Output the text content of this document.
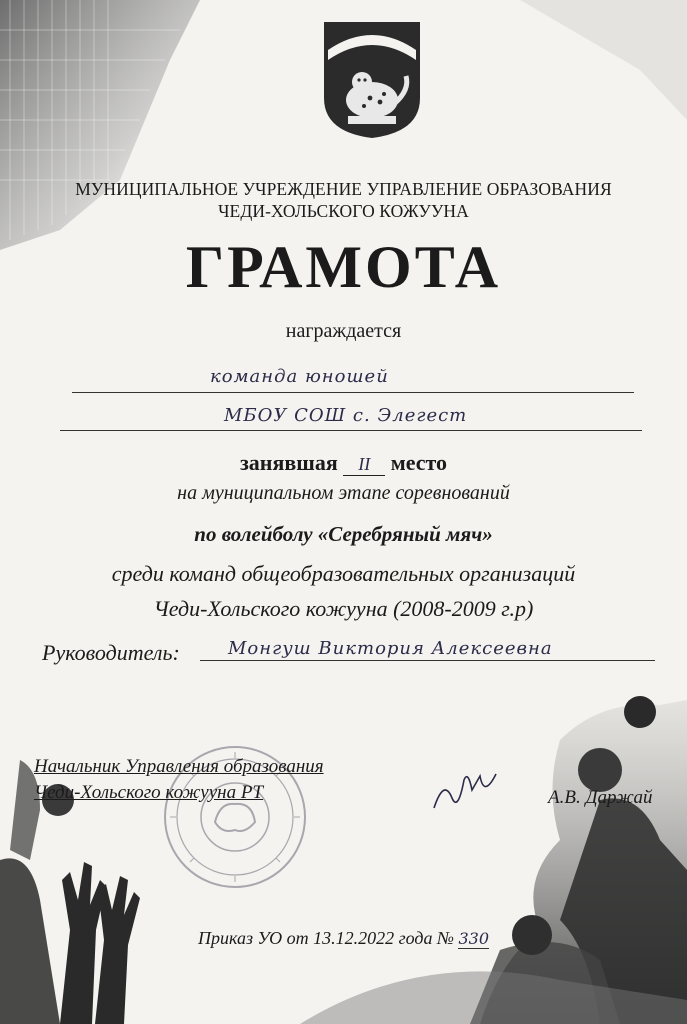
МУНИЦИПАЛЬНОЕ УЧРЕЖДЕНИЕ УПРАВЛЕНИЕ ОБРАЗОВАНИЯ
ЧЕДИ-ХОЛЬСКОГО КОЖУУНА
ГРАМОТА
награждается
команда юношей
МБОУ СОШ с. Элегест
занявшая II место
на муниципальном этапе соревнований
по волейболу «Серебряный мяч»
среди команд общеобразовательных организаций
Чеди-Хольского кожууна (2008-2009 г.р)
Руководитель:	Монгуш Виктория Алексеевна
Начальник Управления образования
Чеди-Хольского кожууна РТ	А.В. Даржай
Приказ УО от 13.12.2022 года № 330
